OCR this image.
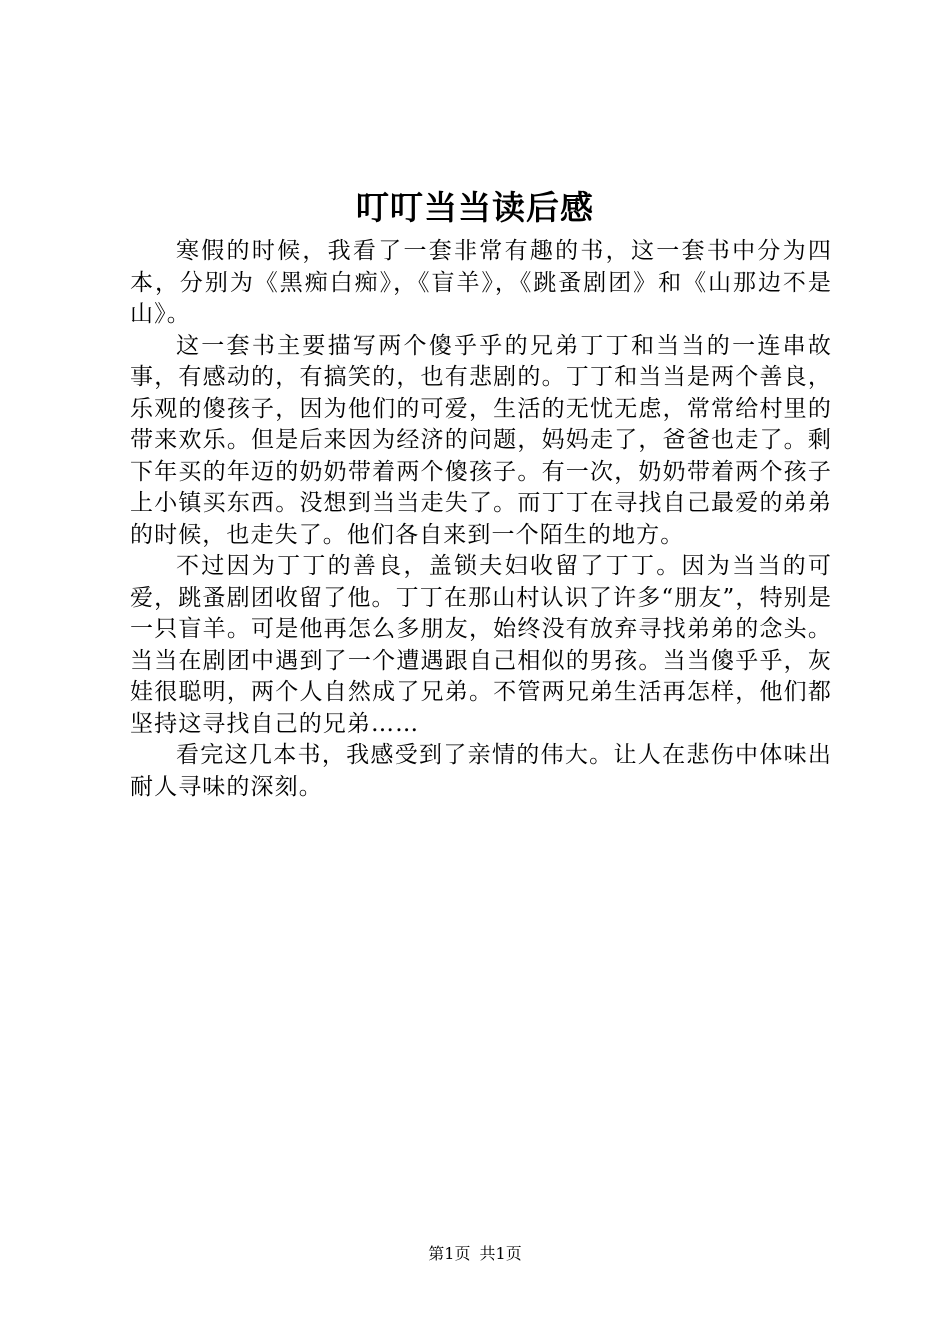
叮叮当当读后感

寒假的时候，我看了一套非常有趣的书，这一套书中分为四本，分别为《黑痴白痴》，《盲羊》，《跳蚤剧团》和《山那边不是山》。

这一套书主要描写两个傻乎乎的兄弟丁丁和当当的一连串故事，有感动的，有搞笑的，也有悲剧的。丁丁和当当是两个善良，乐观的傻孩子，因为他们的可爱，生活的无忧无虑，常常给村里的带来欢乐。但是后来因为经济的问题，妈妈走了，爸爸也走了。剩下年买的年迈的奶奶带着两个傻孩子。有一次，奶奶带着两个孩子上小镇买东西。没想到当当走失了。而丁丁在寻找自己最爱的弟弟的时候，也走失了。他们各自来到一个陌生的地方。

不过因为丁丁的善良，盖锁夫妇收留了丁丁。因为当当的可爱，跳蚤剧团收留了他。丁丁在那山村认识了许多“朋友”，特别是一只盲羊。可是他再怎么多朋友，始终没有放弃寻找弟弟的念头。当当在剧团中遇到了一个遭遇跟自己相似的男孩。当当傻乎乎，灰娃很聪明，两个人自然成了兄弟。不管两兄弟生活再怎样，他们都坚持这寻找自己的兄弟……

看完这几本书，我感受到了亲情的伟大。让人在悲伤中体味出耐人寻味的深刻。

第1页 共1页
